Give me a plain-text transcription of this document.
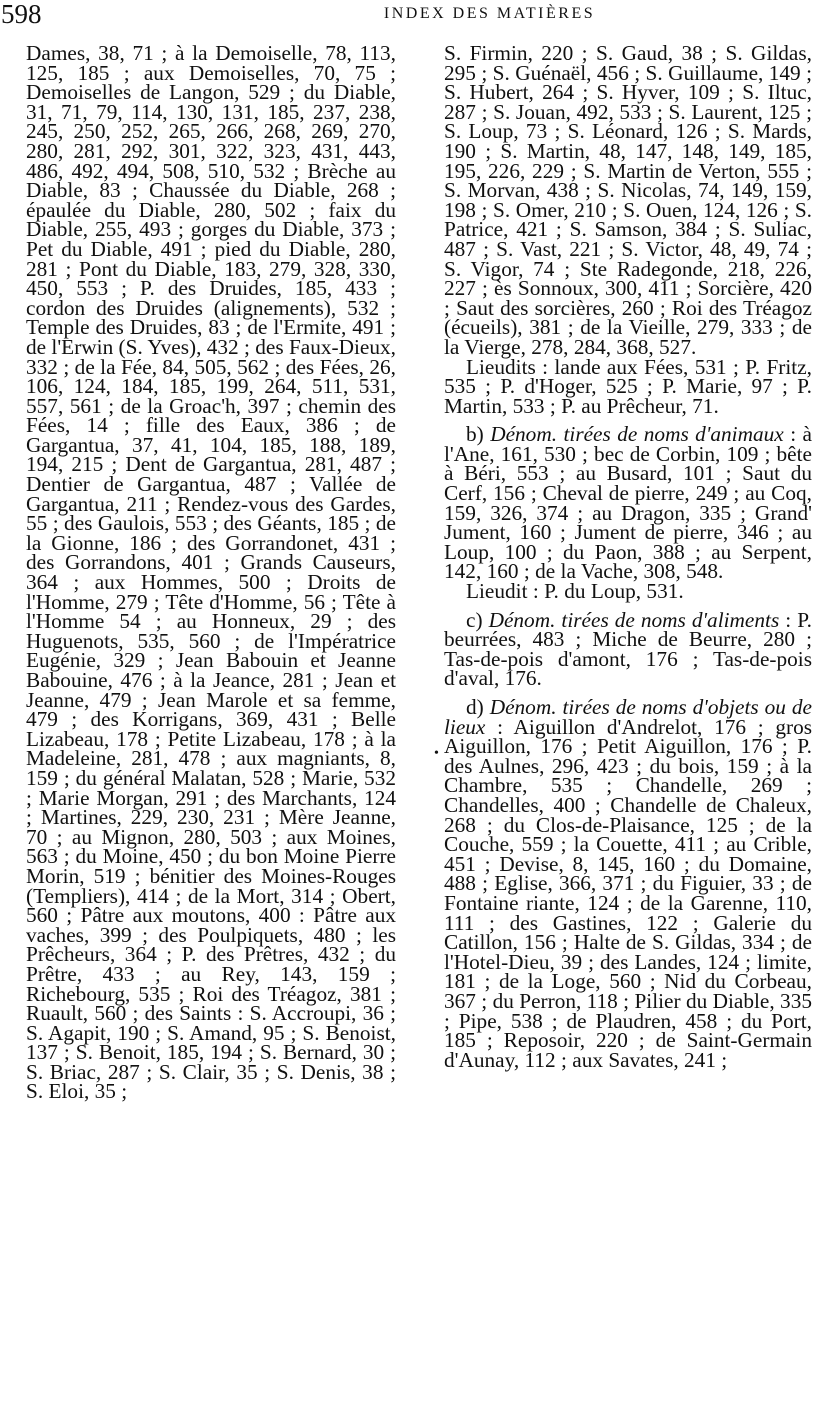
598	INDEX DES MATIÈRES

Dames, 38, 71 ; à la Demoiselle, 78, 113, 125, 185 ; aux Demoiselles, 70, 75 ; Demoiselles de Langon, 529 ; du Diable, 31, 71, 79, 114, 130, 131, 185, 237, 238, 245, 250, 252, 265, 266, 268, 269, 270, 280, 281, 292, 301, 322, 323, 431, 443, 486, 492, 494, 508, 510, 532 ; Brèche au Diable, 83 ; Chaussée du Diable, 268 ; épaulée du Diable, 280, 502 ; faix du Diable, 255, 493 ; gorges du Diable, 373 ; Pet du Diable, 491 ; pied du Diable, 280, 281 ; Pont du Diable, 183, 279, 328, 330, 450, 553 ; P. des Druides, 185, 433 ; cordon des Druides (alignements), 532 ; Temple des Druides, 83 ; de l'Ermite, 491 ; de l'Erwin (S. Yves), 432 ; des Faux-Dieux, 332 ; de la Fée, 84, 505, 562 ; des Fées, 26, 106, 124, 184, 185, 199, 264, 511, 531, 557, 561 ; de la Groac'h, 397 ; chemin des Fées, 14 ; fille des Eaux, 386 ; de Gargantua, 37, 41, 104, 185, 188, 189, 194, 215 ; Dent de Gargantua, 281, 487 ; Dentier de Gargantua, 487 ; Vallée de Gargantua, 211 ; Rendez-vous des Gardes, 55 ; des Gaulois, 553 ; des Géants, 185 ; de la Gionne, 186 ; des Gorrandonet, 431 ; des Gorrandons, 401 ; Grands Causeurs, 364 ; aux Hommes, 500 ; Droits de l'Homme, 279 ; Tête d'Homme, 56 ; Tête à l'Homme 54 ; au Honneux, 29 ; des Huguenots, 535, 560 ; de l'Impératrice Eugénie, 329 ; Jean Babouin et Jeanne Babouine, 476 ; à la Jeance, 281 ; Jean et Jeanne, 479 ; Jean Marole et sa femme, 479 ; des Korrigans, 369, 431 ; Belle Lizabeau, 178 ; Petite Lizabeau, 178 ; à la Madeleine, 281, 478 ; aux magniants, 8, 159 ; du général Malatan, 528 ; Marie, 532 ; Marie Morgan, 291 ; des Marchants, 124 ; Martines, 229, 230, 231 ; Mère Jeanne, 70 ; au Mignon, 280, 503 ; aux Moines, 563 ; du Moine, 450 ; du bon Moine Pierre Morin, 519 ; bénitier des Moines-Rouges (Templiers), 414 ; de la Mort, 314 ; Obert, 560 ; Pâtre aux moutons, 400 : Pâtre aux vaches, 399 ; des Poulpiquets, 480 ; les Prêcheurs, 364 ; P. des Prêtres, 432 ; du Prêtre, 433 ; au Rey, 143, 159 ; Richebourg, 535 ; Roi des Tréagoz, 381 ; Ruault, 560 ; des Saints : S. Accroupi, 36 ; S. Agapit, 190 ; S. Amand, 95 ; S. Benoist, 137 ; S. Benoit, 185, 194 ; S. Bernard, 30 ; S. Briac, 287 ; S. Clair, 35 ; S. Denis, 38 ; S. Eloi, 35 ;

S. Firmin, 220 ; S. Gaud, 38 ; S. Gildas, 295 ; S. Guénaël, 456 ; S. Guillaume, 149 ; S. Hubert, 264 ; S. Hyver, 109 ; S. Iltuc, 287 ; S. Jouan, 492, 533 ; S. Laurent, 125 ; S. Loup, 73 ; S. Léonard, 126 ; S. Mards, 190 ; S. Martin, 48, 147, 148, 149, 185, 195, 226, 229 ; S. Martin de Verton, 555 ; S. Morvan, 438 ; S. Nicolas, 74, 149, 159, 198 ; S. Omer, 210 ; S. Ouen, 124, 126 ; S. Patrice, 421 ; S. Samson, 384 ; S. Suliac, 487 ; S. Vast, 221 ; S. Victor, 48, 49, 74 ; S. Vigor, 74 ; Ste Radegonde, 218, 226, 227 ; ès Sonnoux, 300, 411 ; Sorcière, 420 ; Saut des sorcières, 260 ; Roi des Tréagoz (écueils), 381 ; de la Vieille, 279, 333 ; de la Vierge, 278, 284, 368, 527.

Lieudits : lande aux Fées, 531 ; P. Fritz, 535 ; P. d'Hoger, 525 ; P. Marie, 97 ; P. Martin, 533 ; P. au Prêcheur, 71.

b) Dénom. tirées de noms d'animaux : à l'Ane, 161, 530 ; bec de Corbin, 109 ; bête à Béri, 553 ; au Busard, 101 ; Saut du Cerf, 156 ; Cheval de pierre, 249 ; au Coq, 159, 326, 374 ; au Dragon, 335 ; Grand' Jument, 160 ; Jument de pierre, 346 ; au Loup, 100 ; du Paon, 388 ; au Serpent, 142, 160 ; de la Vache, 308, 548.

Lieudit : P. du Loup, 531.

c) Dénom. tirées de noms d'aliments : P. beurrées, 483 ; Miche de Beurre, 280 ; Tas-de-pois d'amont, 176 ; Tas-de-pois d'aval, 176.

d) Dénom. tirées de noms d'objets ou de lieux : Aiguillon d'Andrelot, 176 ; gros Aiguillon, 176 ; Petit Aiguillon, 176 ; P. des Aulnes, 296, 423 ; du bois, 159 ; à la Chambre, 535 ; Chandelle, 269 ; Chandelles, 400 ; Chandelle de Chaleux, 268 ; du Clos-de-Plaisance, 125 ; de la Couche, 559 ; la Couette, 411 ; au Crible, 451 ; Devise, 8, 145, 160 ; du Domaine, 488 ; Eglise, 366, 371 ; du Figuier, 33 ; de Fontaine riante, 124 ; de la Garenne, 110, 111 ; des Gastines, 122 ; Galerie du Catillon, 156 ; Halte de S. Gildas, 334 ; de l'Hotel-Dieu, 39 ; des Landes, 124 ; limite, 181 ; de la Loge, 560 ; Nid du Corbeau, 367 ; du Perron, 118 ; Pilier du Diable, 335 ; Pipe, 538 ; de Plaudren, 458 ; du Port, 185 ; Reposoir, 220 ; de Saint-Germain d'Aunay, 112 ; aux Savates, 241 ;

•
